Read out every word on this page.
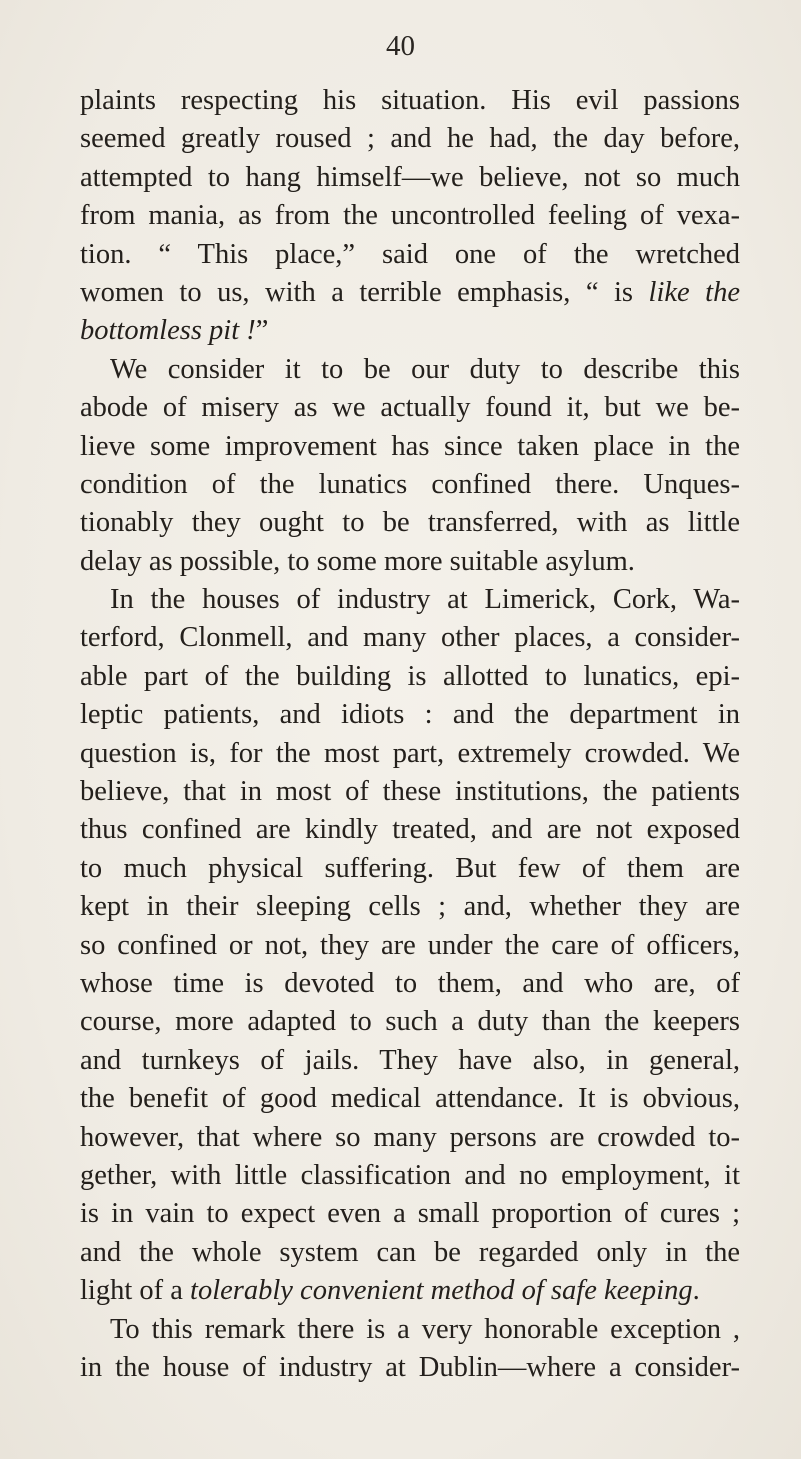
40
plaints respecting his situation. His evil passions
seemed greatly roused ; and he had, the day before,
attempted to hang himself—we believe, not so much
from mania, as from the uncontrolled feeling of vexa-
tion. “ This place,” said one of the wretched
women to us, with a terrible emphasis, “ is like the
bottomless pit !”
We consider it to be our duty to describe this
abode of misery as we actually found it, but we be-
lieve some improvement has since taken place in the
condition of the lunatics confined there. Unques-
tionably they ought to be transferred, with as little
delay as possible, to some more suitable asylum.
In the houses of industry at Limerick, Cork, Wa-
terford, Clonmell, and many other places, a consider-
able part of the building is allotted to lunatics, epi-
leptic patients, and idiots : and the department in
question is, for the most part, extremely crowded. We
believe, that in most of these institutions, the patients
thus confined are kindly treated, and are not exposed
to much physical suffering. But few of them are
kept in their sleeping cells ; and, whether they are
so confined or not, they are under the care of officers,
whose time is devoted to them, and who are, of
course, more adapted to such a duty than the keepers
and turnkeys of jails. They have also, in general,
the benefit of good medical attendance. It is obvious,
however, that where so many persons are crowded to-
gether, with little classification and no employment, it
is in vain to expect even a small proportion of cures ;
and the whole system can be regarded only in the
light of a tolerably convenient method of safe keeping.
To this remark there is a very honorable exception ,
in the house of industry at Dublin—where a consider-
